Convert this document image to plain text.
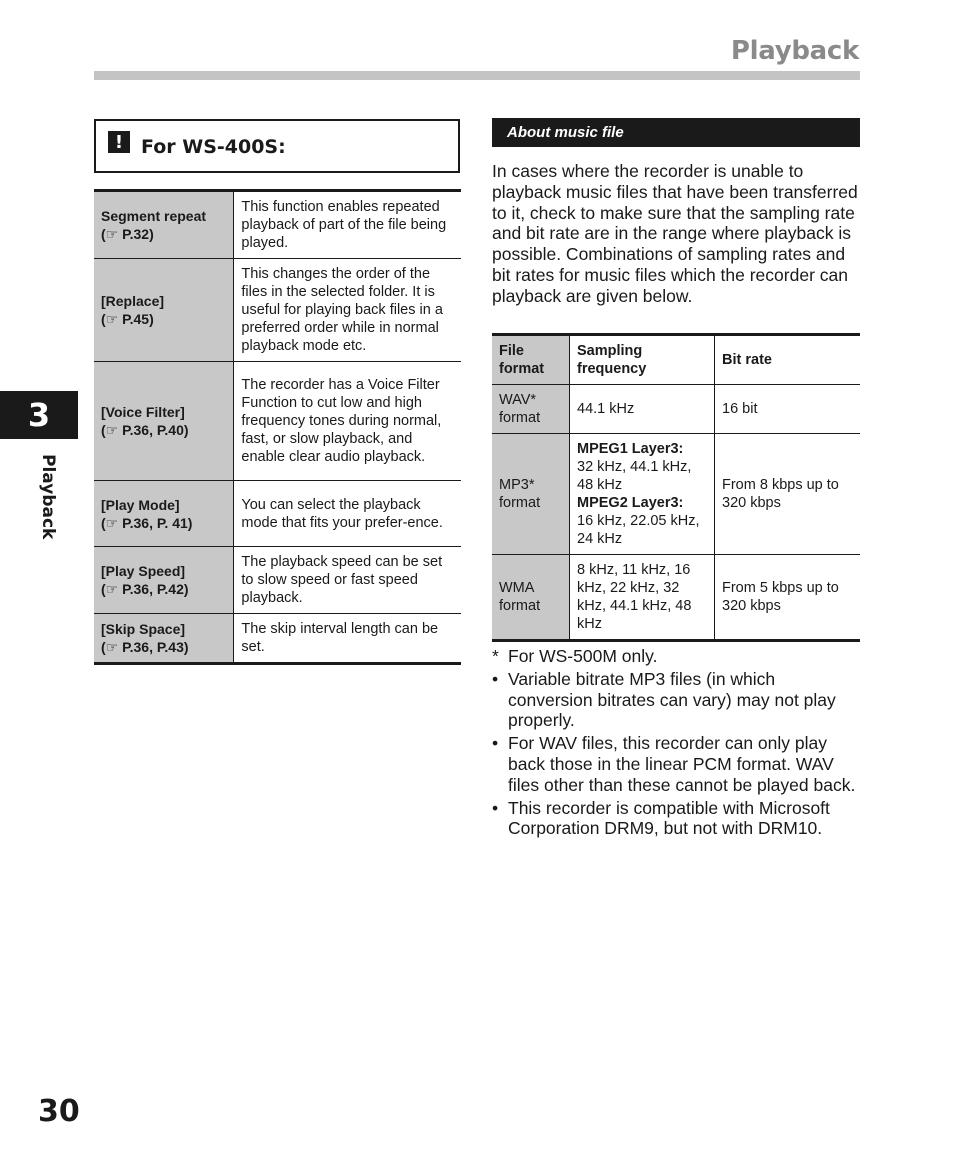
Playback
3
Playback
30
! For WS-400S:
Segment repeat
(☞ P.32)	This function enables repeated playback of part of the file being played.

[Replace]
(☞ P.45)	This changes the order of the files in the selected folder. It is useful for playing back files in a preferred order while in normal playback mode etc.

[Voice Filter]
(☞ P.36, P.40)	The recorder has a Voice Filter Function to cut low and high frequency tones during normal, fast, or slow playback, and enable clear audio playback.

[Play Mode]
(☞ P.36, P. 41)	You can select the playback mode that fits your prefer-ence.

[Play Speed]
(☞ P.36, P.42)	The playback speed can be set to slow speed or fast speed playback.

[Skip Space]
(☞ P.36, P.43)	The skip interval length can be set.
About music file

In cases where the recorder is unable to playback music files that have been transferred to it, check to make sure that the sampling rate and bit rate are in the range where playback is possible. Combinations of sampling rates and bit rates for music files which the recorder can playback are given below.

File format	Sampling frequency	Bit rate
WAV* format	44.1 kHz	16 bit
MP3* format	MPEG1 Layer3:
32 kHz, 44.1 kHz, 48 kHz
MPEG2 Layer3:
16 kHz, 22.05 kHz, 24 kHz	From 8 kbps up to 320 kbps
WMA format	8 kHz, 11 kHz, 16 kHz, 22 kHz, 32 kHz, 44.1 kHz, 48 kHz	From 5 kbps up to 320 kbps
* For WS-500M only.
• Variable bitrate MP3 files (in which conversion bitrates can vary) may not play properly.
• For WAV files, this recorder can only play back those in the linear PCM format. WAV files other than these cannot be played back.
• This recorder is compatible with Microsoft Corporation DRM9, but not with DRM10.
